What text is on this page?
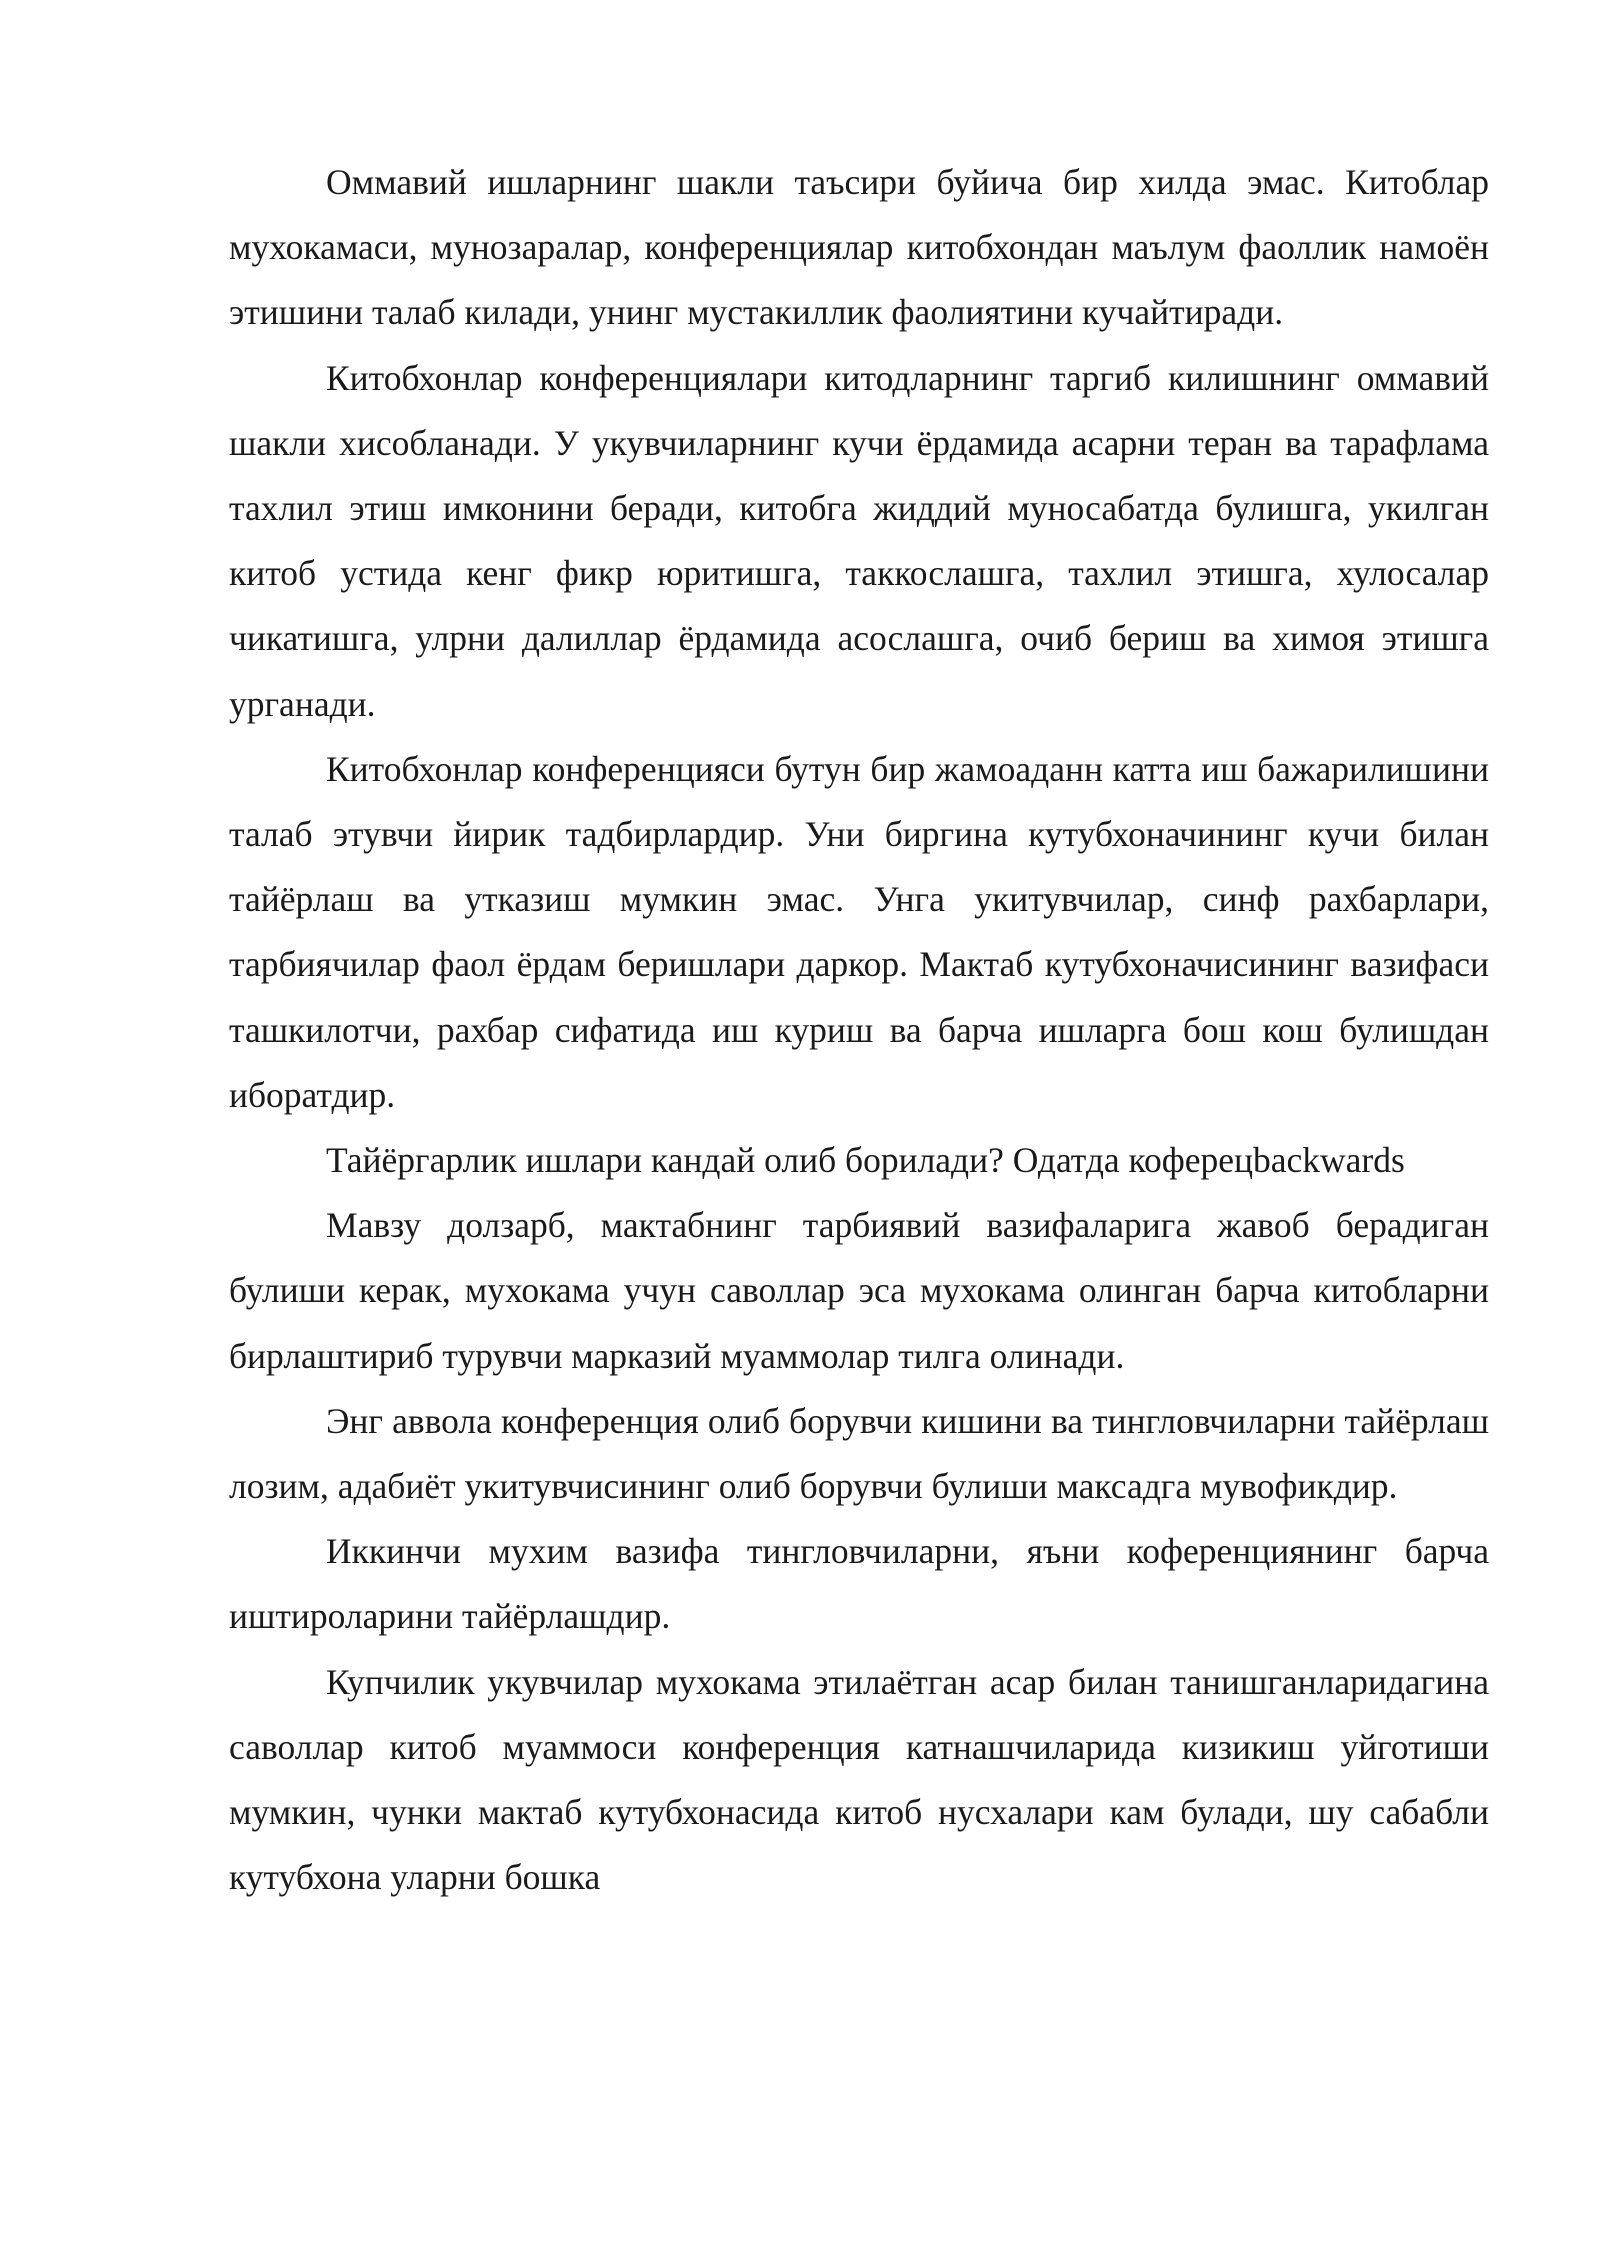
Оммавий ишларнинг шакли таъсири буйича бир хилда эмас. Китоблар мухокамаси, мунозаралар, конференциялар китобхондан маълум фаоллик намоён этишини талаб килади, унинг мустакиллик фаолиятини кучайтиради.

Китобхонлар конференциялари китодларнинг таргиб килишнинг оммавий шакли хисобланади. У укувчиларнинг кучи ёрдамида асарни теран ва тарафлама тахлил этиш имконини беради, китобга жиддий муносабатда булишга, укилган китоб устида кенг фикр юритишга, таккослашга, тахлил этишга, хулосалар чикатишга, улрни далиллар ёрдамида асослашга, очиб бериш ва химоя этишга урганади.

Китобхонлар конференцияси бутун бир жамоаданн катта иш бажарилишини талаб этувчи йирик тадбирлардир. Уни биргина кутубхоначининг кучи билан тайёрлаш ва утказиш мумкин эмас. Унга укитувчилар, синф рахбарлари, тарбиячилар фаол ёрдам беришлари даркор. Мактаб кутубхоначисининг вазифаси ташкилотчи, рахбар сифатида иш куриш ва барча ишларга бош кош булишдан иборатдир.

Тайёргарлик ишлари кандай олиб борилади? Одатда коферецbackwards

Мавзу долзарб, мактабнинг тарбиявий вазифаларига жавоб берадиган булиши керак, мухокама учун саволлар эса мухокама олинган барча китобларни бирлаштириб турувчи марказий муаммолар тилга олинади.

Энг аввола конференция олиб борувчи кишини ва тингловчиларни тайёрлаш лозим, адабиёт укитувчисининг олиб борувчи булиши максадга мувофикдир.

Иккинчи мухим вазифа тингловчиларни, яъни коференциянинг барча иштироларини тайёрлашдир.

Купчилик укувчилар мухокама этилаётган асар билан танишганларидагина саволлар китоб муаммоси конференция катнашчиларида кизикиш уйготиши мумкин, чунки мактаб кутубхонасида китоб нусхалари кам булади, шу сабабли кутубхона уларни бошка
